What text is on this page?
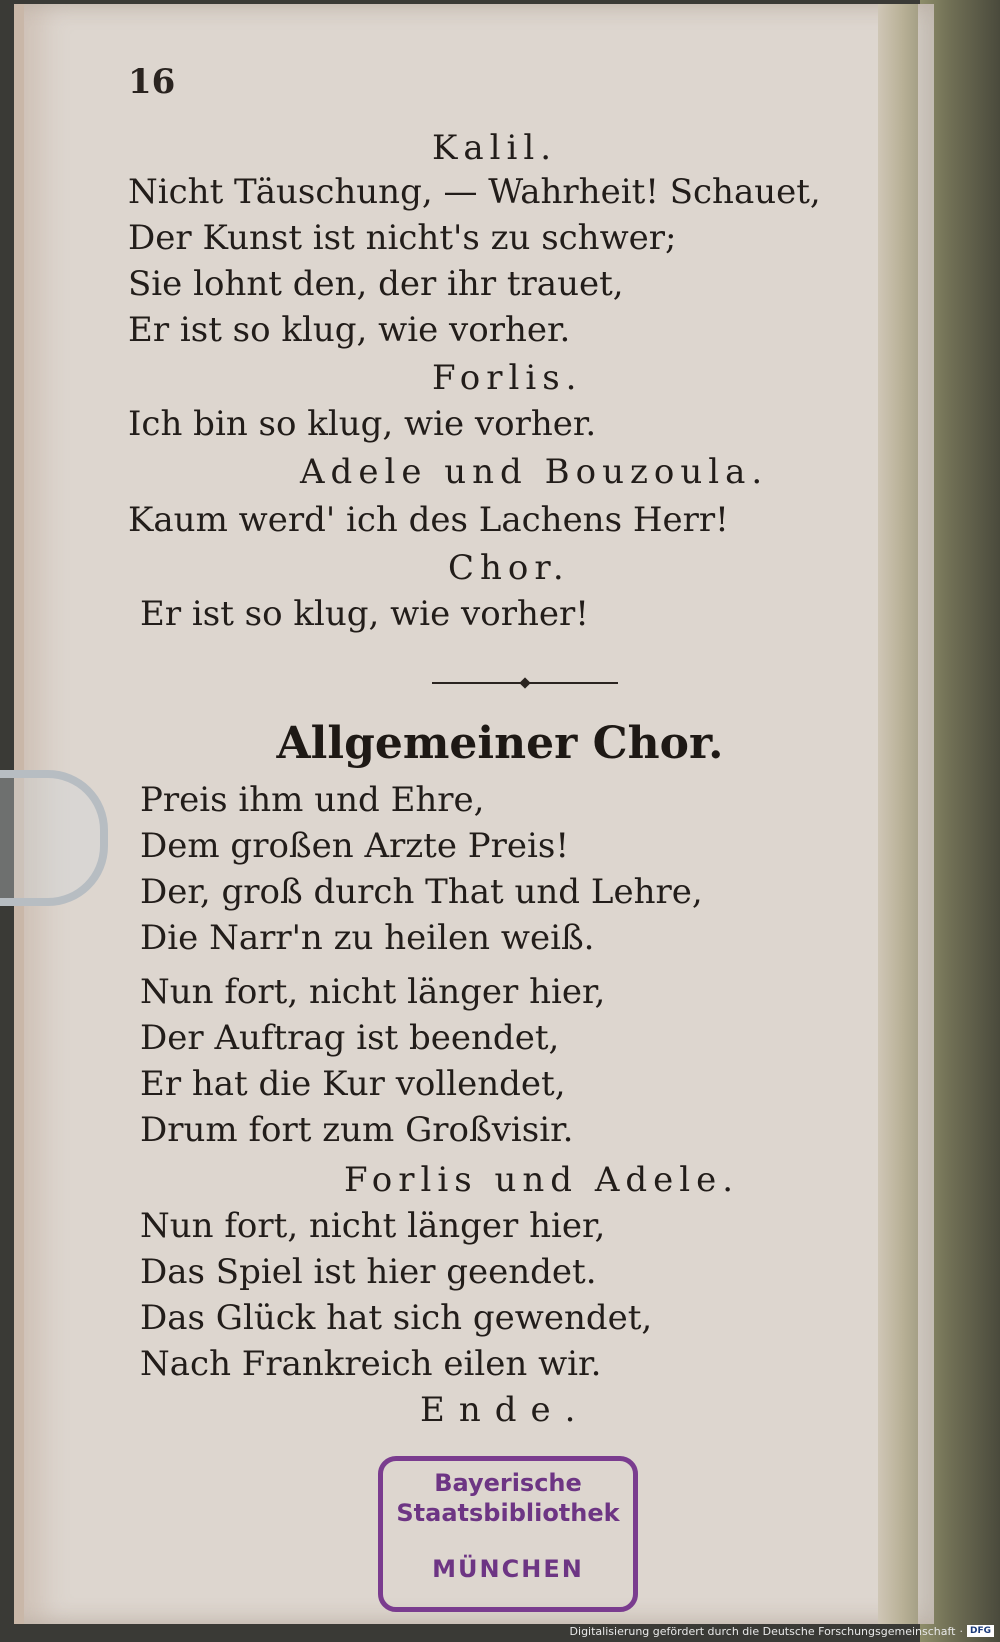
16
Kalil.
Nicht Täuschung, — Wahrheit! Schauet,
Der Kunst ist nicht's zu schwer;
Sie lohnt den, der ihr trauet,
Er ist so klug, wie vorher.
Forlis.
Ich bin so klug, wie vorher.
Adele und Bouzoula.
Kaum werd' ich des Lachens Herr!
Chor.
Er ist so klug, wie vorher!
Allgemeiner Chor.
Preis ihm und Ehre,
Dem großen Arzte Preis!
Der, groß durch That und Lehre,
Die Narr'n zu heilen weiß.
Nun fort, nicht länger hier,
Der Auftrag ist beendet,
Er hat die Kur vollendet,
Drum fort zum Großvisir.
Forlis und Adele.
Nun fort, nicht länger hier,
Das Spiel ist hier geendet.
Das Glück hat sich gewendet,
Nach Frankreich eilen wir.
Ende.
Bayerische
Staatsbibliothek
MÜNCHEN
Digitalisierung gefördert durch die Deutsche Forschungsgemeinschaft · DFG
